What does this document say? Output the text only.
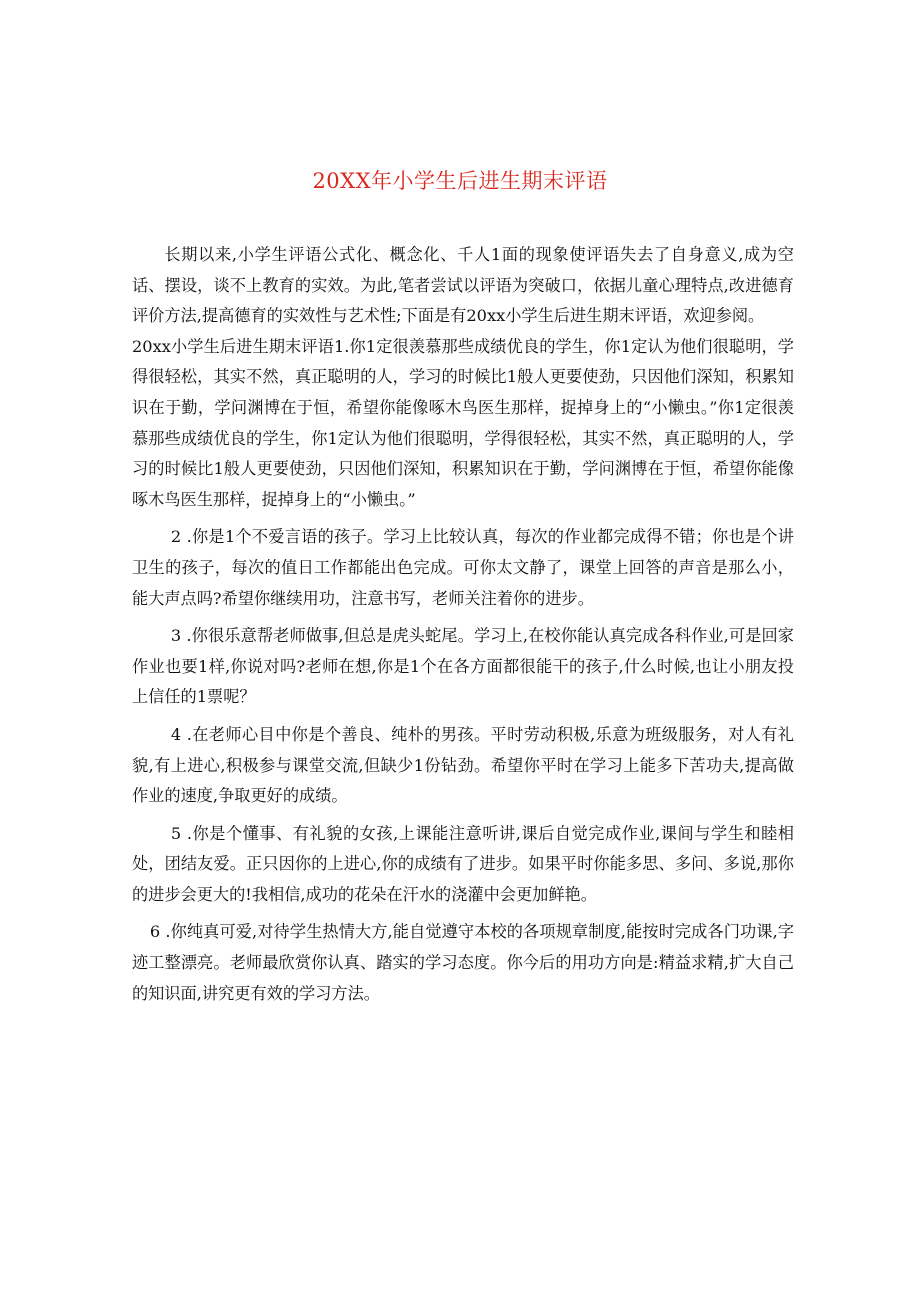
20XX年小学生后进生期末评语

长期以来,小学生评语公式化、概念化、千人1面的现象使评语失去了自身意义,成为空话、摆设，谈不上教育的实效。为此,笔者尝试以评语为突破口，依据儿童心理特点,改进德育评价方法,提高德育的实效性与艺术性;下面是有20xx小学生后进生期末评语，欢迎参阅。

20xx小学生后进生期末评语1.你1定很羡慕那些成绩优良的学生，你1定认为他们很聪明，学得很轻松，其实不然，真正聪明的人，学习的时候比1般人更要使劲，只因他们深知，积累知识在于勤，学问渊博在于恒，希望你能像啄木鸟医生那样，捉掉身上的“小懒虫。”你1定很羡慕那些成绩优良的学生，你1定认为他们很聪明，学得很轻松，其实不然，真正聪明的人，学习的时候比1般人更要使劲，只因他们深知，积累知识在于勤，学问渊博在于恒，希望你能像啄木鸟医生那样，捉掉身上的“小懒虫。”

2 .你是1个不爱言语的孩子。学习上比较认真，每次的作业都完成得不错；你也是个讲卫生的孩子，每次的值日工作都能出色完成。可你太文静了，课堂上回答的声音是那么小，能大声点吗?希望你继续用功，注意书写，老师关注着你的进步。

3 .你很乐意帮老师做事,但总是虎头蛇尾。学习上,在校你能认真完成各科作业,可是回家作业也要1样,你说对吗?老师在想,你是1个在各方面都很能干的孩子,什么时候,也让小朋友投上信任的1票呢？

4 .在老师心目中你是个善良、纯朴的男孩。平时劳动积极,乐意为班级服务，对人有礼貌,有上进心,积极参与课堂交流,但缺少1份钻劲。希望你平时在学习上能多下苦功夫,提高做作业的速度,争取更好的成绩。

5 .你是个懂事、有礼貌的女孩,上课能注意听讲,课后自觉完成作业,课间与学生和睦相处，团结友爱。正只因你的上进心,你的成绩有了进步。如果平时你能多思、多问、多说,那你的进步会更大的!我相信,成功的花朵在汗水的浇灌中会更加鲜艳。

6 .你纯真可爱,对待学生热情大方,能自觉遵守本校的各项规章制度,能按时完成各门功课,字迹工整漂亮。老师最欣赏你认真、踏实的学习态度。你今后的用功方向是:精益求精,扩大自己的知识面,讲究更有效的学习方法。
